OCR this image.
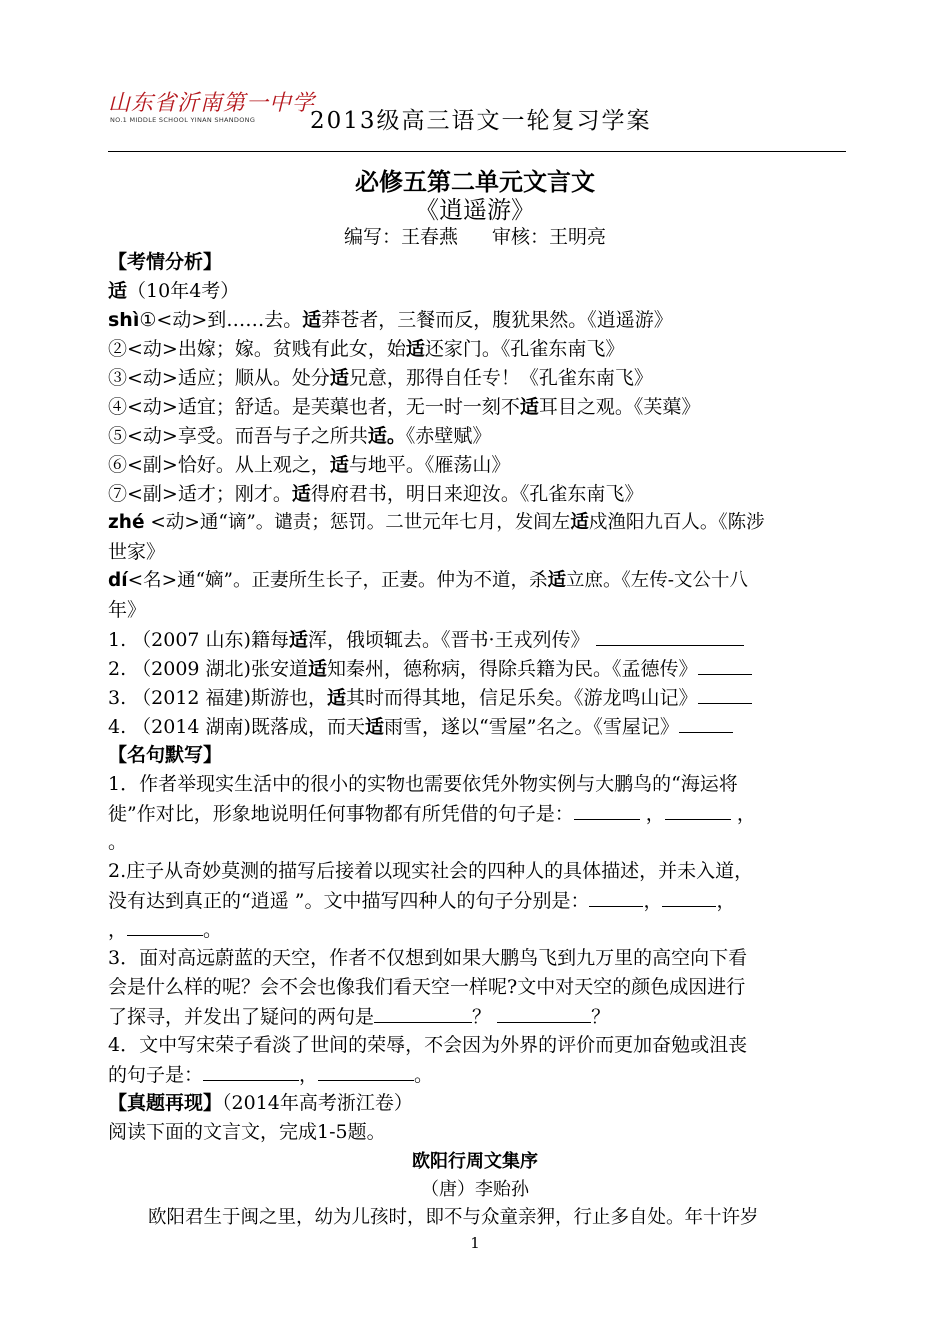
山东省沂南第一中学
NO.1 MIDDLE SCHOOL YINAN SHANDONG 2013级高三语文一轮复习学案
必修五第二单元文言文
《逍遥游》
编写：王春燕 审核：王明亮
【考情分析】
适（10年4考）
shì①<动>到……去。适莽苍者，三餐而反，腹犹果然。《逍遥游》
②<动>出嫁；嫁。贫贱有此女，始适还家门。《孔雀东南飞》
③<动>适应；顺从。处分适兄意，那得自任专！《孔雀东南飞》
④<动>适宜；舒适。是芙蕖也者，无一时一刻不适耳目之观。《芙蕖》
⑤<动>享受。而吾与子之所共适。《赤壁赋》
⑥<副>恰好。从上观之，适与地平。《雁荡山》
⑦<副>适才；刚才。适得府君书，明日来迎汝。《孔雀东南飞》
zhé <动>通“谪”。谴责；惩罚。二世元年七月，发闾左适戍渔阳九百人。《陈涉
世家》
dí<名>通“嫡”。正妻所生长子，正妻。仲为不道，杀适立庶。《左传-文公十八
年》
1. （2007 山东)籍每适浑，俄顷辄去。《晋书·王戎列传》
2. （2009 湖北)张安道适知秦州，德称病，得除兵籍为民。《孟德传》
3. （2012 福建)斯游也，适其时而得其地，信足乐矣。《游龙鸣山记》
4. （2014 湖南)既落成，而天适雨雪，遂以“雪屋”名之。《雪屋记》
【名句默写】
1．作者举现实生活中的很小的实物也需要依凭外物实例与大鹏鸟的“海运将
徙”作对比，形象地说明任何事物都有所凭借的句子是：	，	，
。
2.庄子从奇妙莫测的描写后接着以现实社会的四种人的具体描述，并未入道，
没有达到真正的“逍遥 ”。文中描写四种人的句子分别是：	，	，
，	。
3．面对高远蔚蓝的天空，作者不仅想到如果大鹏鸟飞到九万里的高空向下看
会是什么样的呢？会不会也像我们看天空一样呢?文中对天空的颜色成因进行
了探寻，并发出了疑问的两句是	？	？
4．文中写宋荣子看淡了世间的荣辱，不会因为外界的评价而更加奋勉或沮丧
的句子是：	，	。
【真题再现】（2014年高考浙江卷）
阅读下面的文言文，完成1-5题。
欧阳行周文集序
（唐）李贻孙
欧阳君生于闽之里，幼为儿孩时，即不与众童亲狎，行止多自处。年十许岁
1
